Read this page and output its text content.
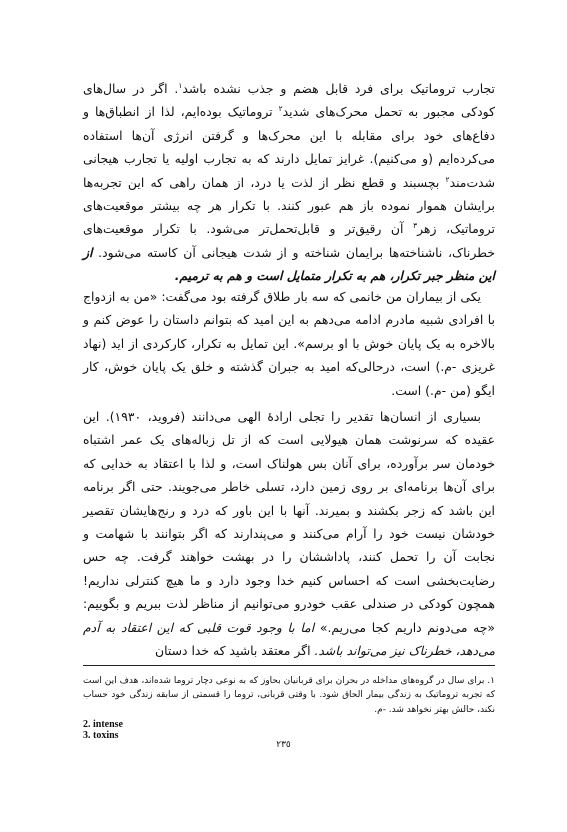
تجارب تروماتیک برای فرد قابل هضم و جذب نشده باشد$^۱$. اگر در سال‌های کودکی مجبور به تحمل محرک‌های شدید$^۲$ تروماتیک بوده‌ایم، لذا از انطباق‌ها و دفاع‌های خود برای مقابله با این محرک‌ها و گرفتن انرژی آن‌ها استفاده می‌کرده‌ایم (و می‌کنیم). غرایز تمایل دارند که به تجارب اولیه یا تجارب هیجانی شدت‌مند$^۲$ بچسبند و قطع نظر از لذت یا درد، از همان راهی که این تجربه‌ها برایشان هموار نموده باز هم عبور کنند. با تکرار هر چه بیشتر موقعیت‌های تروماتیک، زهر$^۳$ آن رقیق‌تر و قابل‌تحمل‌تر می‌شود. با تکرار موقعیت‌های خطرناک، ناشناخته‌ها برایمان شناخته و از شدت هیجانی آن کاسته می‌شود. از این منظر جبر تکرار، هم به تکرار متمایل است و هم به ترمیم.

یکی از بیماران من خانمی که سه بار طلاق گرفته بود می‌گفت: «من به ازدواج با افرادی شبیه مادرم ادامه می‌دهم به این امید که بتوانم داستان را عوض کنم و بالاخره به یک پایان خوش با او برسم». این تمایل به تکرار، کارکردی از اید (نهاد غریزی -م.) است، درحالی‌که امید به جبران گذشته و خلق یک پایان خوش، کار ایگو (من -م.) است.

بسیاری از انسان‌ها تقدیر را تجلی ارادهٔ الهی می‌دانند (فروید، ۱۹۳۰). این عقیده که سرنوشت همان هیولایی است که از تل زباله‌های یک عمر اشتباه خودمان سر برآورده، برای آنان بس هولناک است، و لذا با اعتقاد به خدایی که برای آن‌ها برنامه‌ای بر روی زمین دارد، تسلی خاطر می‌جویند. حتی اگر برنامه این باشد که زجر بکشند و بمیرند. آنها با این باور که درد و رنج‌هایشان تقصیر خودشان نیست خود را آرام می‌کنند و می‌پندارند که اگر بتوانند با شهامت و نجابت آن را تحمل کنند، پاداششان را در بهشت خواهند گرفت. چه حس رضایت‌بخشی است که احساس کنیم خدا وجود دارد و ما هیچ کنترلی نداریم! همچون کودکی در صندلی عقب خودرو می‌توانیم از مناظر لذت ببریم و بگوییم: «چه می‌دونم داریم کجا می‌ریم.» اما با وجود قوت قلبی که این اعتقاد به آدم می‌دهد، خطرناک نیز می‌تواند باشد. اگر معتقد باشید که خدا دستان

۱. برای سال در گروه‌های مداخله در بحران برای قربانیان بحاوز که به نوعی دچار تروما شده‌اند، هدف این است که تجربه تروماتیک به زندگی بیمار الحاق شود. با وقتی قربانی، تروما را قسمتی از سابقه زندگی خود حساب نکند، حالش بهتر نخواهد شد. -م.

2. intense
3. toxins
٢٣٥
